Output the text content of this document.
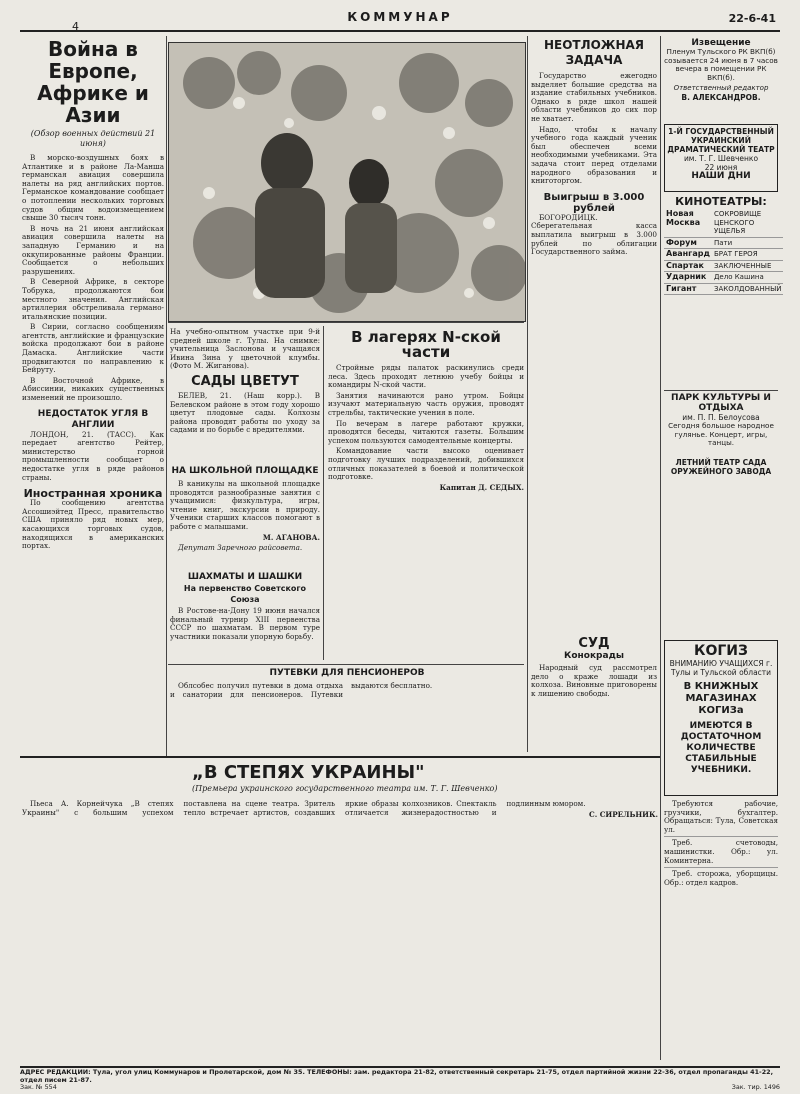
4
КОММУНАР	22-6-41
Война в Европе, Африке и Азии
(Обзор военных действий 21 июня)

В морско-воздушных боях в Атлантике и в районе Ла-Манша германская авиация совершила налеты на ряд английских портов. Германское командование сообщает о потоплении нескольких торговых судов общим водоизмещением свыше 30 тысяч тонн.

В ночь на 21 июня английская авиация совершила налеты на западную Германию и на оккупированные районы Франции. Сообщается о небольших разрушениях.

В Северной Африке, в секторе Тобрука, продолжаются бои местного значения. Английская артиллерия обстреливала германо-итальянские позиции.

В Сирии, согласно сообщениям агентств, английские и французские войска продолжают бои в районе Дамаска. Английские части продвигаются по направлению к Бейруту.

В Восточной Африке, в Абиссинии, никаких существенных изменений не произошло.

НЕДОСТАТОК УГЛЯ В АНГЛИИ

ЛОНДОН, 21. (ТАСС). Как передает агентство Рейтер, министерство горной промышленности сообщает о недостатке угля в ряде районов страны.

Иностранная хроника

По сообщению агентства Ассошиэйтед Пресс, правительство США приняло ряд новых мер, касающихся торговых судов, находящихся в американских портах.

На учебно-опытном участке при 9-й средней школе г. Тулы. На снимке: учительница Заслонова и учащаяся Ивина Зина у цветочной клумбы. (Фото М. Жиганова).

САДЫ ЦВЕТУТ

БЕЛЕВ, 21. (Наш корр.). В Белевском районе в этом году хорошо цветут плодовые сады. Колхозы района проводят работы по уходу за садами и по борьбе с вредителями.

НА ШКОЛЬНОЙ ПЛОЩАДКЕ

В каникулы на школьной площадке проводятся разнообразные занятия с учащимися: физкультура, игры, чтение книг, экскурсии в природу. Ученики старших классов помогают в работе с малышами.

М. АГАНОВА.

Депутат Заречного райсовета.

ШАХМАТЫ И ШАШКИ
На первенство Советского Союза

В Ростове-на-Дону 19 июня начался финальный турнир XIII первенства СССР по шахматам. В первом туре участники показали упорную борьбу.

В лагерях N-ской части

Стройные ряды палаток раскинулись среди леса. Здесь проходят летнюю учебу бойцы и командиры N-ской части.

Занятия начинаются рано утром. Бойцы изучают материальную часть оружия, проводят стрельбы, тактические учения в поле.

По вечерам в лагере работают кружки, проводятся беседы, читаются газеты. Большим успехом пользуются самодеятельные концерты.

Командование части высоко оценивает подготовку лучших подразделений, добившихся отличных показателей в боевой и политической подготовке.

Капитан Д. СЕДЫХ.

ПУТЕВКИ ДЛЯ ПЕНСИОНЕРОВ

Облсобес получил путевки в дома отдыха и санатории для пенсионеров. Путевки выдаются бесплатно.

НЕОТЛОЖНАЯ ЗАДАЧА

Государство ежегодно выделяет большие средства на издание стабильных учебников. Однако в ряде школ нашей области учебников до сих пор не хватает.

Надо, чтобы к началу учебного года каждый ученик был обеспечен всеми необходимыми учебниками. Эта задача стоит перед отделами народного образования и книготоргом.

Выигрыш в 3.000 рублей

БОГОРОДИЦК. Сберегательная касса выплатила выигрыш в 3.000 рублей по облигации Государственного займа.

СУД
Конокрады

Народный суд рассмотрел дело о краже лошади из колхоза. Виновные приговорены к лишению свободы.

Извещение

Пленум Тульского РК ВКП(б) созывается 24 июня в 7 часов вечера в помещении РК ВКП(б).

Ответственный редактор
В. АЛЕКСАНДРОВ.
1-Й ГОСУДАРСТВЕННЫЙ УКРАИНСКИЙ ДРАМАТИЧЕСКИЙ ТЕАТР
им. Т. Г. Шевченко
22 июня
НАШИ ДНИ
КИНОТЕАТРЫ:
Новая Москва	СОКРОВИЩЕ ЦЕНСКОГО УЩЕЛЬЯ
Форум	Пати
Авангард	БРАТ ГЕРОЯ
Спартак	ЗАКЛЮЧЕННЫЕ
Ударник	Дело Кашина
Гигант	ЗАКОЛДОВАННЫЙ
ПАРК КУЛЬТУРЫ И ОТДЫХА
им. П. П. Белоусова

Сегодня большое народное гулянье. Концерт, игры, танцы.

ЛЕТНИЙ ТЕАТР САДА ОРУЖЕЙНОГО ЗАВОДА
КОГИЗ
ВНИМАНИЮ УЧАЩИХСЯ г. Тулы и Тульской области
В КНИЖНЫХ МАГАЗИНАХ КОГИЗа
ИМЕЮТСЯ В ДОСТАТОЧНОМ КОЛИЧЕСТВЕ СТАБИЛЬНЫЕ УЧЕБНИКИ.

Требуются рабочие, грузчики, бухгалтер. Обращаться: Тула, Советская ул.

Треб. счетоводы, машинистки. Обр.: ул. Коминтерна.

Треб. сторожа, уборщицы. Обр.: отдел кадров.

„В СТЕПЯХ УКРАИНЫ"
(Премьера украинского государственного театра им. Т. Г. Шевченко)

Пьеса А. Корнейчука „В степях Украины" с большим успехом поставлена на сцене театра. Зритель тепло встречает артистов, создавших яркие образы колхозников. Спектакль отличается жизнерадостностью и подлинным юмором.

С. СИРЕЛЬНИК.

АДРЕС РЕДАКЦИИ: Тула, угол улиц Коммунаров и Пролетарской, дом № 35. ТЕЛЕФОНЫ: зам. редактора 21-82, ответственный секретарь 21-75, отдел партийной жизни 22-36, отдел пропаганды 41-22, отдел писем 21-87.
Зак. № 554	Зак. тир. 1496
